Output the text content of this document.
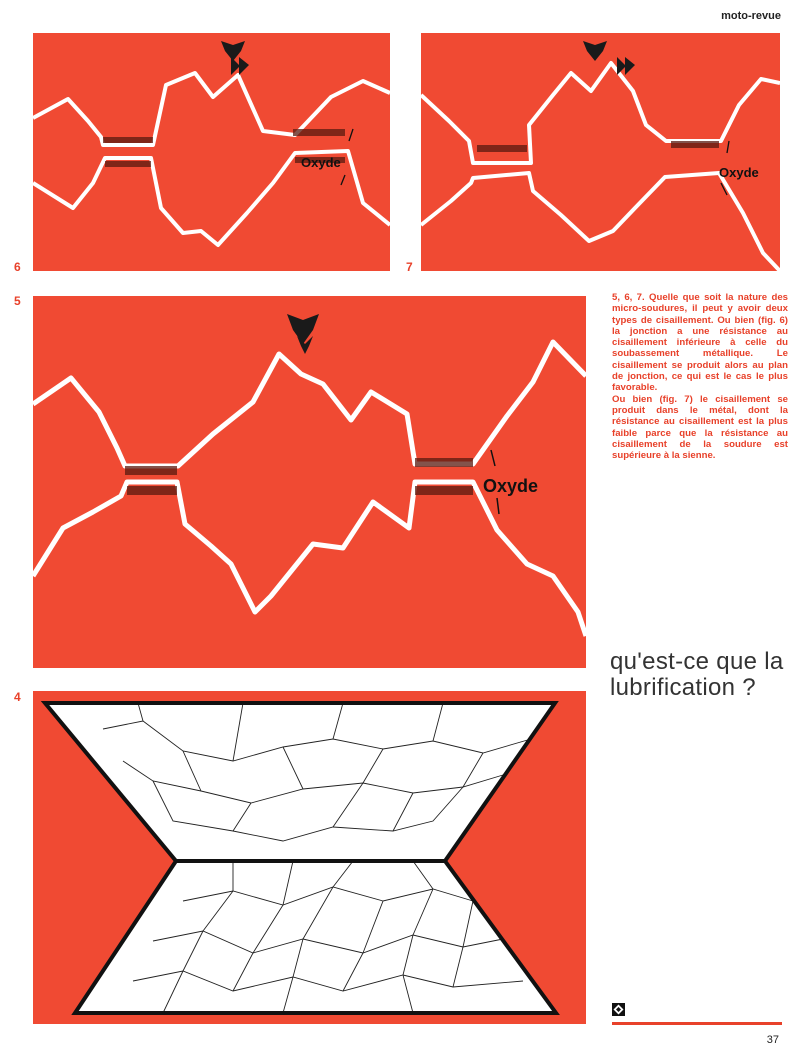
moto-revue
Oxyde
6
Oxyde
7
5
Oxyde
4

5, 6, 7. Quelle que soit la nature des micro-soudures, il peut y avoir deux types de cisaillement. Ou bien (fig. 6) la jonction a une résistance au cisaillement inférieure à celle du soubassement métallique. Le cisaillement se produit alors au plan de jonction, ce qui est le cas le plus favorable.

Ou bien (fig. 7) le cisaillement se produit dans le métal, dont la résistance au cisaillement est la plus faible parce que la résistance au cisaillement de la soudure est supérieure à la sienne.

qu'est-ce que la lubrification ?
37
